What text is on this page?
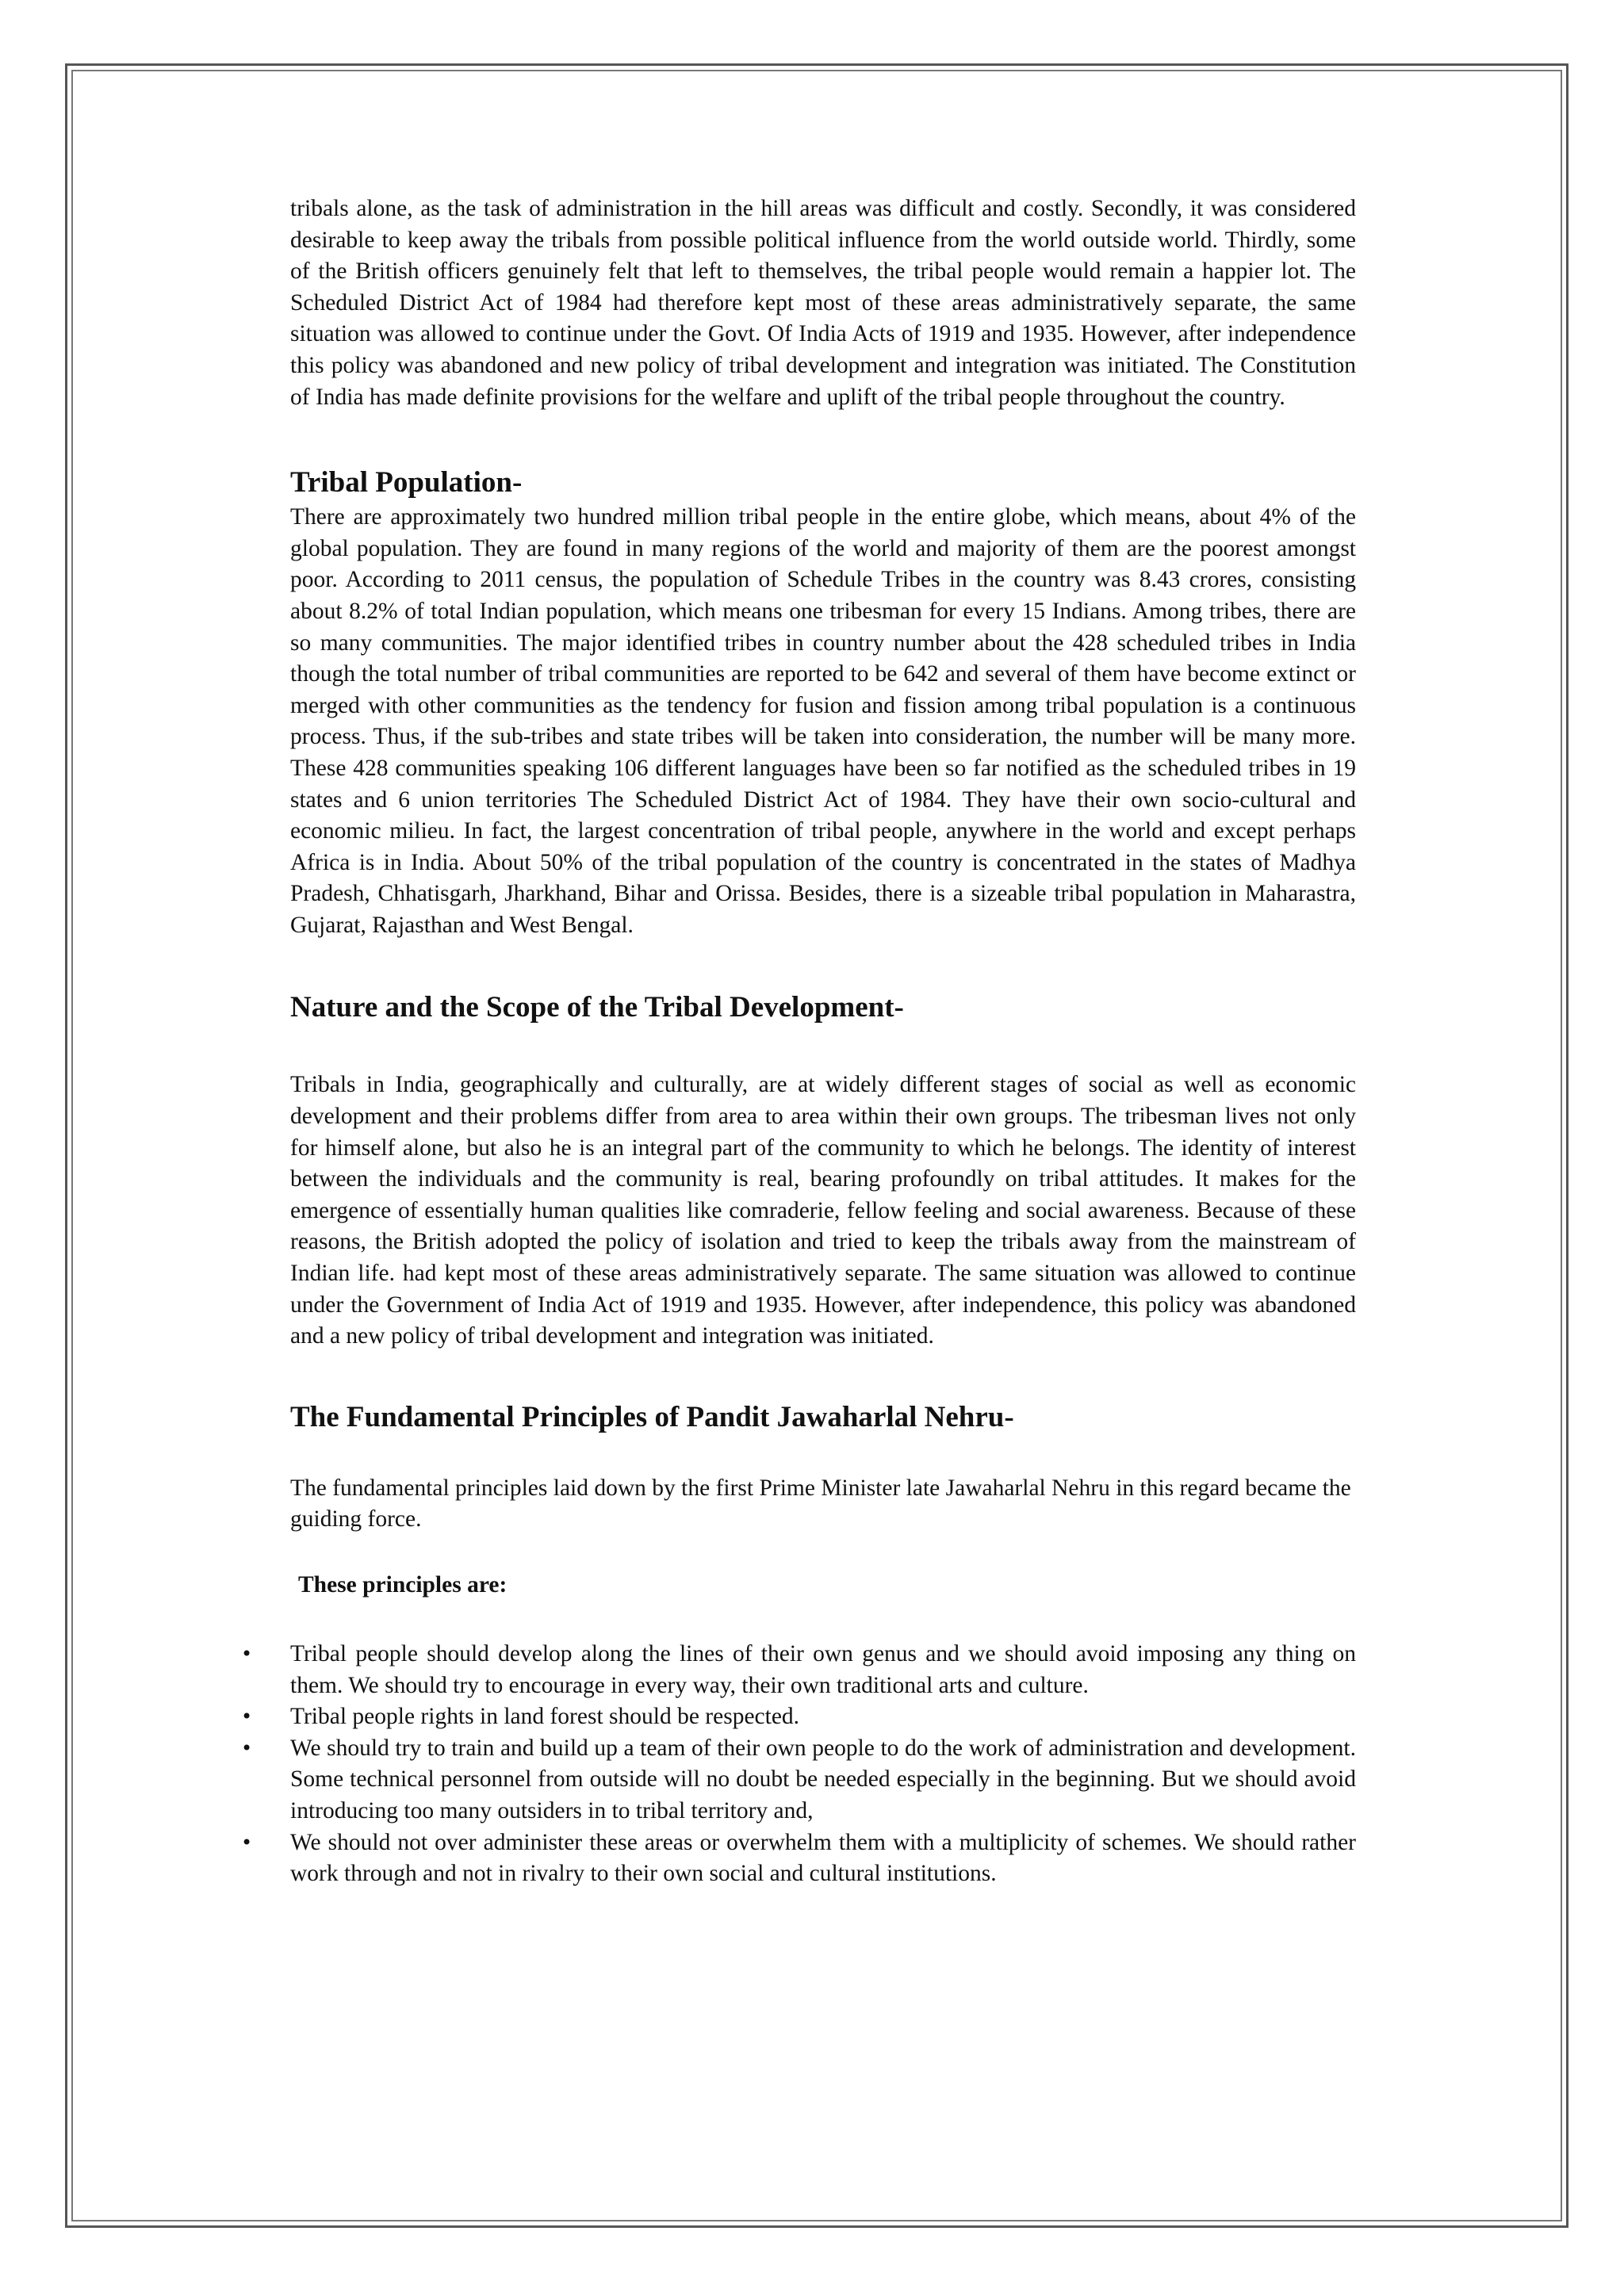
tribals alone, as the task of administration in the hill areas was difficult and costly. Secondly, it was considered desirable to keep away the tribals from possible political influence from the world outside world. Thirdly, some of the British officers genuinely felt that left to themselves, the tribal people would remain a happier lot. The Scheduled District Act of 1984 had therefore kept most of these areas administratively separate, the same situation was allowed to continue under the Govt. Of India Acts of 1919 and 1935. However, after independence this policy was abandoned and new policy of tribal development and integration was initiated. The Constitution of India has made definite provisions for the welfare and uplift of the tribal people throughout the country.

Tribal Population-

There are approximately two hundred million tribal people in the entire globe, which means, about 4% of the global population. They are found in many regions of the world and majority of them are the poorest amongst poor. According to 2011 census, the population of Schedule Tribes in the country was 8.43 crores, consisting about 8.2% of total Indian population, which means one tribesman for every 15 Indians. Among tribes, there are so many communities. The major identified tribes in country number about the 428 scheduled tribes in India though the total number of tribal communities are reported to be 642 and several of them have become extinct or merged with other communities as the tendency for fusion and fission among tribal population is a continuous process. Thus, if the sub-tribes and state tribes will be taken into consideration, the number will be many more. These 428 communities speaking 106 different languages have been so far notified as the scheduled tribes in 19 states and 6 union territories The Scheduled District Act of 1984. They have their own socio-cultural and economic milieu. In fact, the largest concentration of tribal people, anywhere in the world and except perhaps Africa is in India. About 50% of the tribal population of the country is concentrated in the states of Madhya Pradesh, Chhatisgarh, Jharkhand, Bihar and Orissa. Besides, there is a sizeable tribal population in Maharastra, Gujarat, Rajasthan and West Bengal.

Nature and the Scope of the Tribal Development-

Tribals in India, geographically and culturally, are at widely different stages of social as well as economic development and their problems differ from area to area within their own groups. The tribesman lives not only for himself alone, but also he is an integral part of the community to which he belongs. The identity of interest between the individuals and the community is real, bearing profoundly on tribal attitudes. It makes for the emergence of essentially human qualities like comraderie, fellow feeling and social awareness. Because of these reasons, the British adopted the policy of isolation and tried to keep the tribals away from the mainstream of Indian life. had kept most of these areas administratively separate. The same situation was allowed to continue under the Government of India Act of 1919 and 1935. However, after independence, this policy was abandoned and a new policy of tribal development and integration was initiated.

The Fundamental Principles of Pandit Jawaharlal Nehru-

The fundamental principles laid down by the first Prime Minister late Jawaharlal Nehru in this regard became the guiding force.

These principles are:
• Tribal people should develop along the lines of their own genus and we should avoid imposing any thing on them. We should try to encourage in every way, their own traditional arts and culture.
• Tribal people rights in land forest should be respected.
• We should try to train and build up a team of their own people to do the work of administration and development. Some technical personnel from outside will no doubt be needed especially in the beginning. But we should avoid introducing too many outsiders in to tribal territory and,
• We should not over administer these areas or overwhelm them with a multiplicity of schemes. We should rather work through and not in rivalry to their own social and cultural institutions.
